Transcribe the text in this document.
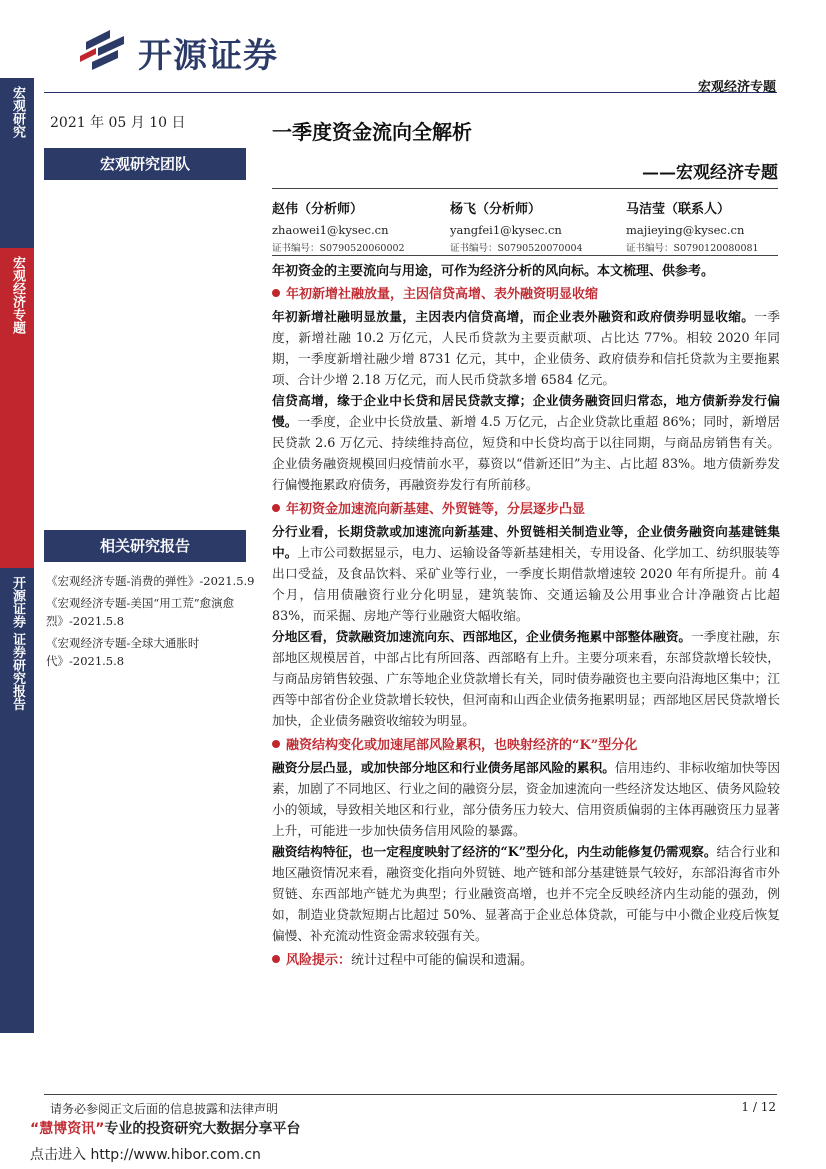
开源证券
宏观经济专题
宏观研究
宏观经济专题
开源证券 证券研究报告
2021 年 05 月 10 日
宏观研究团队
相关研究报告
《宏观经济专题-消费的弹性》-2021.5.9
《宏观经济专题-美国“用工荒”愈演愈烈》-2021.5.8
《宏观经济专题-全球大通胀时代》-2021.5.8
一季度资金流向全解析
——宏观经济专题
赵伟（分析师）
zhaowei1@kysec.cn
证书编号：S0790520060002
杨飞（分析师）
yangfei1@kysec.cn
证书编号：S0790520070004
马洁莹（联系人）
majieying@kysec.cn
证书编号：S0790120080081
年初资金的主要流向与用途，可作为经济分析的风向标。本文梳理、供参考。
年初新增社融放量，主因信贷高增、表外融资明显收缩

年初新增社融明显放量，主因表内信贷高增，而企业表外融资和政府债券明显收缩。一季度，新增社融 10.2 万亿元，人民币贷款为主要贡献项、占比达 77%。相较 2020 年同期，一季度新增社融少增 8731 亿元，其中，企业债务、政府债券和信托贷款为主要拖累项、合计少增 2.18 万亿元，而人民币贷款多增 6584 亿元。

信贷高增，缘于企业中长贷和居民贷款支撑；企业债务融资回归常态，地方债新券发行偏慢。一季度，企业中长贷放量、新增 4.5 万亿元，占企业贷款比重超 86%；同时，新增居民贷款 2.6 万亿元、持续维持高位，短贷和中长贷均高于以往同期，与商品房销售有关。企业债务融资规模回归疫情前水平，募资以“借新还旧”为主、占比超 83%。地方债新券发行偏慢拖累政府债务，再融资券发行有所前移。

年初资金加速流向新基建、外贸链等，分层逐步凸显

分行业看，长期贷款或加速流向新基建、外贸链相关制造业等，企业债务融资向基建链集中。上市公司数据显示，电力、运输设备等新基建相关，专用设备、化学加工、纺织服装等出口受益，及食品饮料、采矿业等行业，一季度长期借款增速较 2020 年有所提升。前 4 个月，信用债融资行业分化明显，建筑装饰、交通运输及公用事业合计净融资占比超 83%，而采掘、房地产等行业融资大幅收缩。

分地区看，贷款融资加速流向东、西部地区，企业债务拖累中部整体融资。一季度社融，东部地区规模居首，中部占比有所回落、西部略有上升。主要分项来看，东部贷款增长较快，与商品房销售较强、广东等地企业贷款增长有关，同时债券融资也主要向沿海地区集中；江西等中部省份企业贷款增长较快，但河南和山西企业债务拖累明显；西部地区居民贷款增长加快，企业债务融资收缩较为明显。

融资结构变化或加速尾部风险累积，也映射经济的“K”型分化

融资分层凸显，或加快部分地区和行业债务尾部风险的累积。信用违约、非标收缩加快等因素，加剧了不同地区、行业之间的融资分层，资金加速流向一些经济发达地区、债务风险较小的领域，导致相关地区和行业，部分债务压力较大、信用资质偏弱的主体再融资压力显著上升，可能进一步加快债务信用风险的暴露。

融资结构特征，也一定程度映射了经济的“K”型分化，内生动能修复仍需观察。结合行业和地区融资情况来看，融资变化指向外贸链、地产链和部分基建链景气较好，东部沿海省市外贸链、东西部地产链尤为典型；行业融资高增，也并不完全反映经济内生动能的强劲，例如，制造业贷款短期占比超过 50%、显著高于企业总体贷款，可能与中小微企业疫后恢复偏慢、补充流动性资金需求较强有关。

风险提示：统计过程中可能的偏误和遗漏。
请务必参阅正文后面的信息披露和法律声明	1 / 12
“慧博资讯”专业的投资研究大数据分享平台
点击进入 http://www.hibor.com.cn
